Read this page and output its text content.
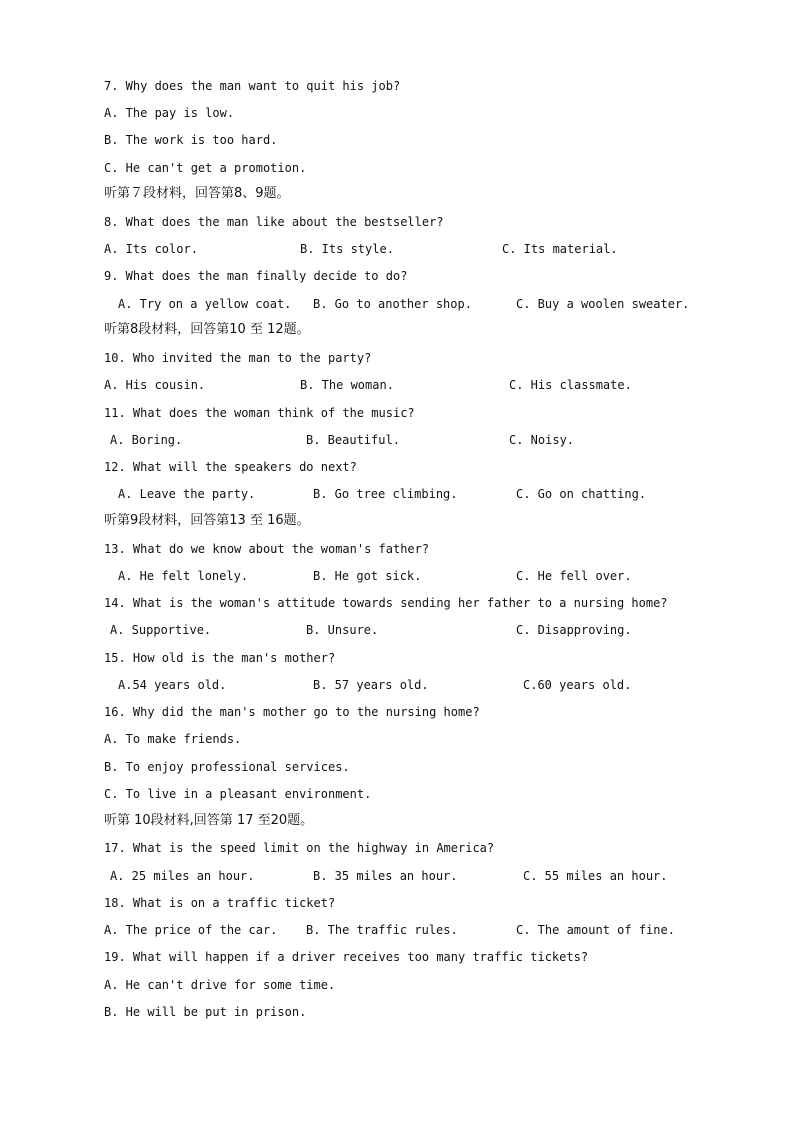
7. Why does the man want to quit his job?
A. The pay is low.
B. The work is too hard.
C. He can't get a promotion.
听第７段材料，回答第8、9题。
8. What does the man like about the bestseller?

A. Its color.

	B. Its style.

	C. Its material.

9. What does the man finally decide to do?

A. Try on a yellow coat.

B. Go to another shop.

	C. Buy a woolen sweater.

听第8段材料，回答第10 至 12题。
10. Who invited the man to the party?

A. His cousin.

	B. The woman.

	C. His classmate.

11. What does the woman think of the music?

A. Boring.

	B. Beautiful.

	C. Noisy.

12. What will the speakers do next?

A. Leave the party.

	B. Go tree climbing.

	C. Go on chatting.

听第9段材料，回答第13 至 16题。
13. What do we know about the woman's father?

A. He felt lonely.

	B. He got sick.

	C. He fell over.

14. What is the woman's attitude towards sending her father to a nursing home?

A. Supportive.

	B. Unsure.

	C. Disapproving.

15. How old is the man's mother?

A.54 years old.

	B. 57 years old.

	C.60 years old.

16. Why did the man's mother go to the nursing home?
A. To make friends.
B. To enjoy professional services.
C. To live in a pleasant environment.
听第 10段材料,回答第 17 至20题。
17. What is the speed limit on the highway in America?

A. 25 miles an hour.

	B. 35 miles an hour.

	C. 55 miles an hour.

18. What is on a traffic ticket?

A. The price of the car.

B. The traffic rules.

	C. The amount of fine.

19. What will happen if a driver receives too many traffic tickets?
A. He can't drive for some time.
B. He will be put in prison.
